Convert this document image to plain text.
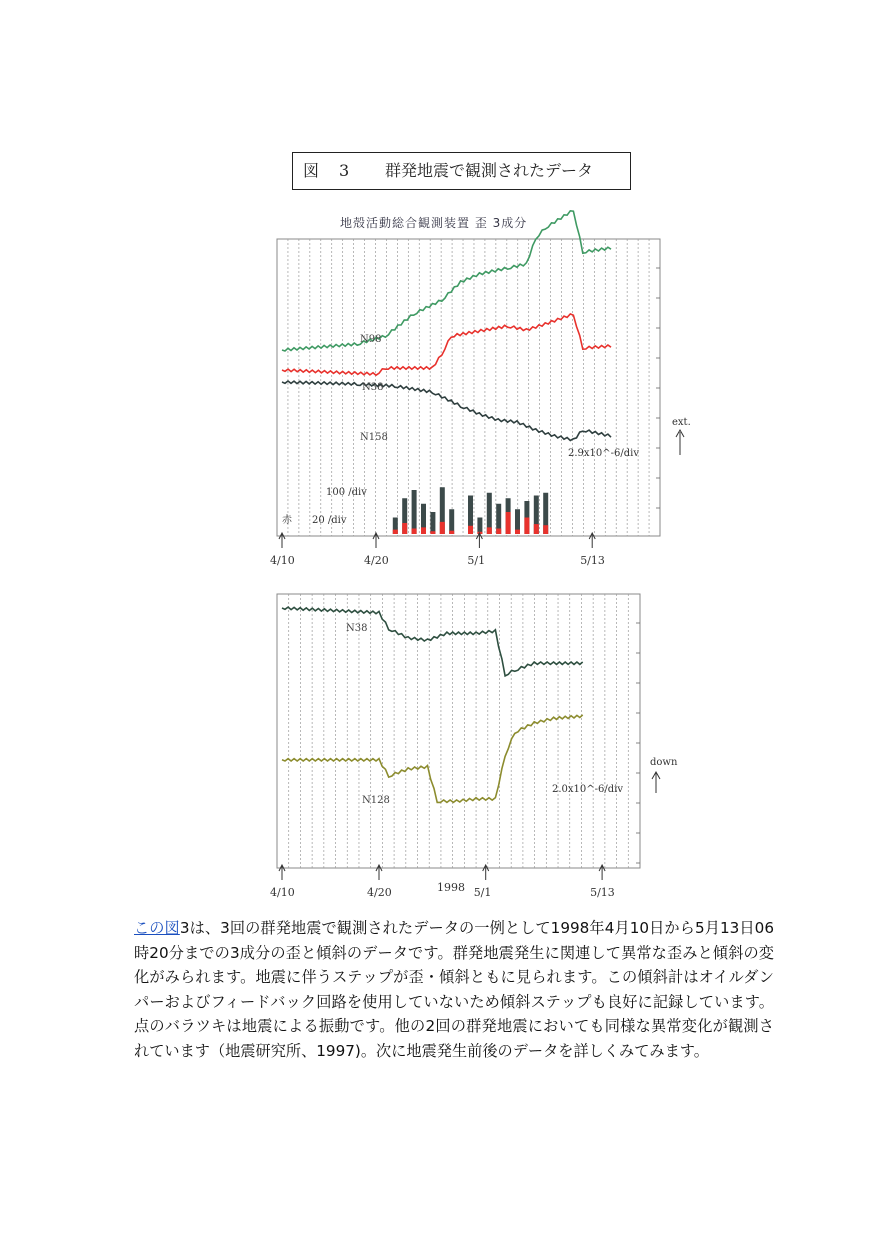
図　3 群発地震で観測されたデータ
地殻活動総合観測装置 歪 3成分
N98
N38
N158
2.9x10^-6/div
ext.
100 /div
赤　　20 /div
4/10	4/20	5/1	5/13
N38
N128
2.0x10^-6/div
down
4/10	4/20	5/1	5/13
1998
この図3は、3回の群発地震で観測されたデータの一例として1998年4月10日から5月13日06時20分までの3成分の歪と傾斜のデータです。群発地震発生に関連して異常な歪みと傾斜の変化がみられます。地震に伴うステップが歪・傾斜ともに見られます。この傾斜計はオイルダンパーおよびフィードバック回路を使用していないため傾斜ステップも良好に記録しています。点のバラツキは地震による振動です。他の2回の群発地震においても同様な異常変化が観測されています（地震研究所、1997)。次に地震発生前後のデータを詳しくみてみます。
